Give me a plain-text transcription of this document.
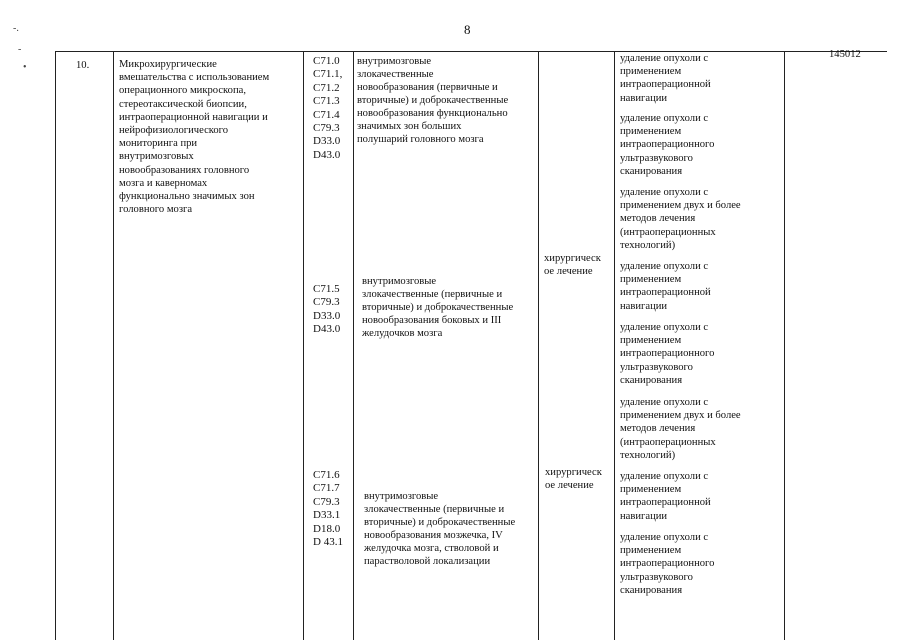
-.
-
•
8
10.	Микрохирургические
вмешательства с использованием
операционного микроскопа,
стереотаксической биопсии,
интраоперационной навигации и
нейрофизиологического
мониторинга при
внутримозговых
новообразованиях головного
мозга и каверномах
функционально значимых зон
головного мозга
145012
C71.0
C71.1,
C71.2
C71.3
C71.4
C79.3
D33.0
D43.0
внутримозговые
злокачественные
новообразования (первичные и
вторичные) и доброкачественные
новообразования функционально
значимых зон больших
полушарий головного мозга
C71.5
C79.3
D33.0
D43.0
внутримозговые
злокачественные (первичные и
вторичные) и доброкачественные
новообразования боковых и III
желудочков мозга
хирургическ
ое лечение
C71.6
C71.7
C79.3
D33.1
D18.0
D 43.1
внутримозговые
злокачественные (первичные и
вторичные) и доброкачественные
новообразования мозжечка, IV
желудочка мозга, стволовой и
парастволовой локализации
хирургическ
ое лечение
удаление опухоли с
применением
интраоперационной
навигации
удаление опухоли с
применением
интраоперационного
ультразвукового
сканирования
удаление опухоли с
применением двух и более
методов лечения
(интраоперационных
технологий)
удаление опухоли с
применением
интраоперационной
навигации
удаление опухоли с
применением
интраоперационного
ультразвукового
сканирования
удаление опухоли с
применением двух и более
методов лечения
(интраоперационных
технологий)
удаление опухоли с
применением
интраоперационной
навигации
удаление опухоли с
применением
интраоперационного
ультразвукового
сканирования
